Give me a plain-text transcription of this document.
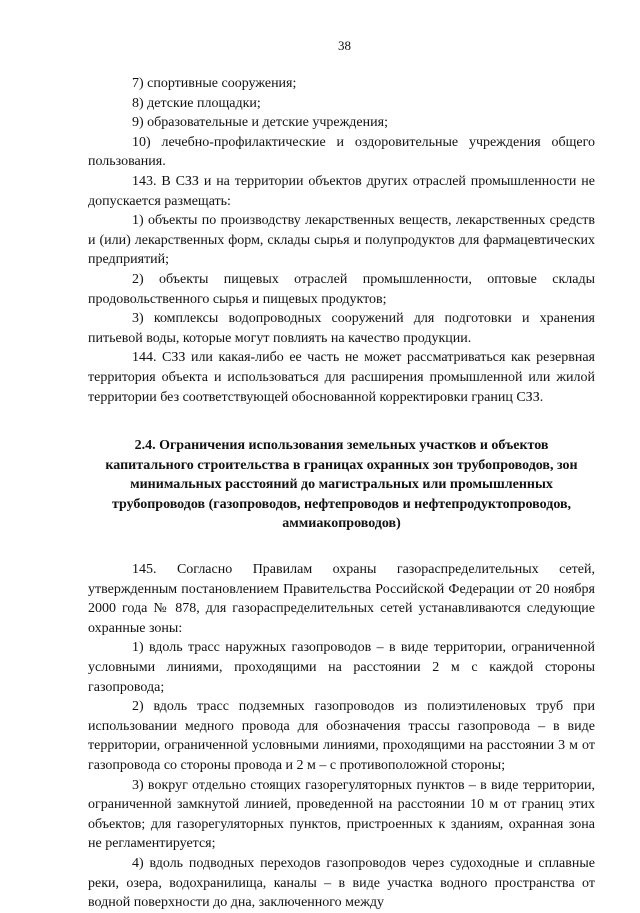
38

7) спортивные сооружения;

8) детские площадки;

9) образовательные и детские учреждения;

10) лечебно-профилактические и оздоровительные учреждения общего пользования.

143. В СЗЗ и на территории объектов других отраслей промышленности не допускается размещать:

1) объекты по производству лекарственных веществ, лекарственных средств и (или) лекарственных форм, склады сырья и полупродуктов для фармацевтических предприятий;

2) объекты пищевых отраслей промышленности, оптовые склады продовольственного сырья и пищевых продуктов;

3) комплексы водопроводных сооружений для подготовки и хранения питьевой воды, которые могут повлиять на качество продукции.

144. СЗЗ или какая-либо ее часть не может рассматриваться как резервная территория объекта и использоваться для расширения промышленной или жилой территории без соответствующей обоснованной корректировки границ СЗЗ.

2.4. Ограничения использования земельных участков и объектов капитального строительства в границах охранных зон трубопроводов, зон минимальных расстояний до магистральных или промышленных трубопроводов (газопроводов, нефтепроводов и нефтепродуктопроводов, аммиакопроводов)

145. Согласно Правилам охраны газораспределительных сетей, утвержденным постановлением Правительства Российской Федерации от 20 ноября 2000 года № 878, для газораспределительных сетей устанавливаются следующие охранные зоны:

1) вдоль трасс наружных газопроводов – в виде территории, ограниченной условными линиями, проходящими на расстоянии 2 м с каждой стороны газопровода;

2) вдоль трасс подземных газопроводов из полиэтиленовых труб при использовании медного провода для обозначения трассы газопровода – в виде территории, ограниченной условными линиями, проходящими на расстоянии 3 м от газопровода со стороны провода и 2 м – с противоположной стороны;

3) вокруг отдельно стоящих газорегуляторных пунктов – в виде территории, ограниченной замкнутой линией, проведенной на расстоянии 10 м от границ этих объектов; для газорегуляторных пунктов, пристроенных к зданиям, охранная зона не регламентируется;

4) вдоль подводных переходов газопроводов через судоходные и сплавные реки, озера, водохранилища, каналы – в виде участка водного пространства от водной поверхности до дна, заключенного между
